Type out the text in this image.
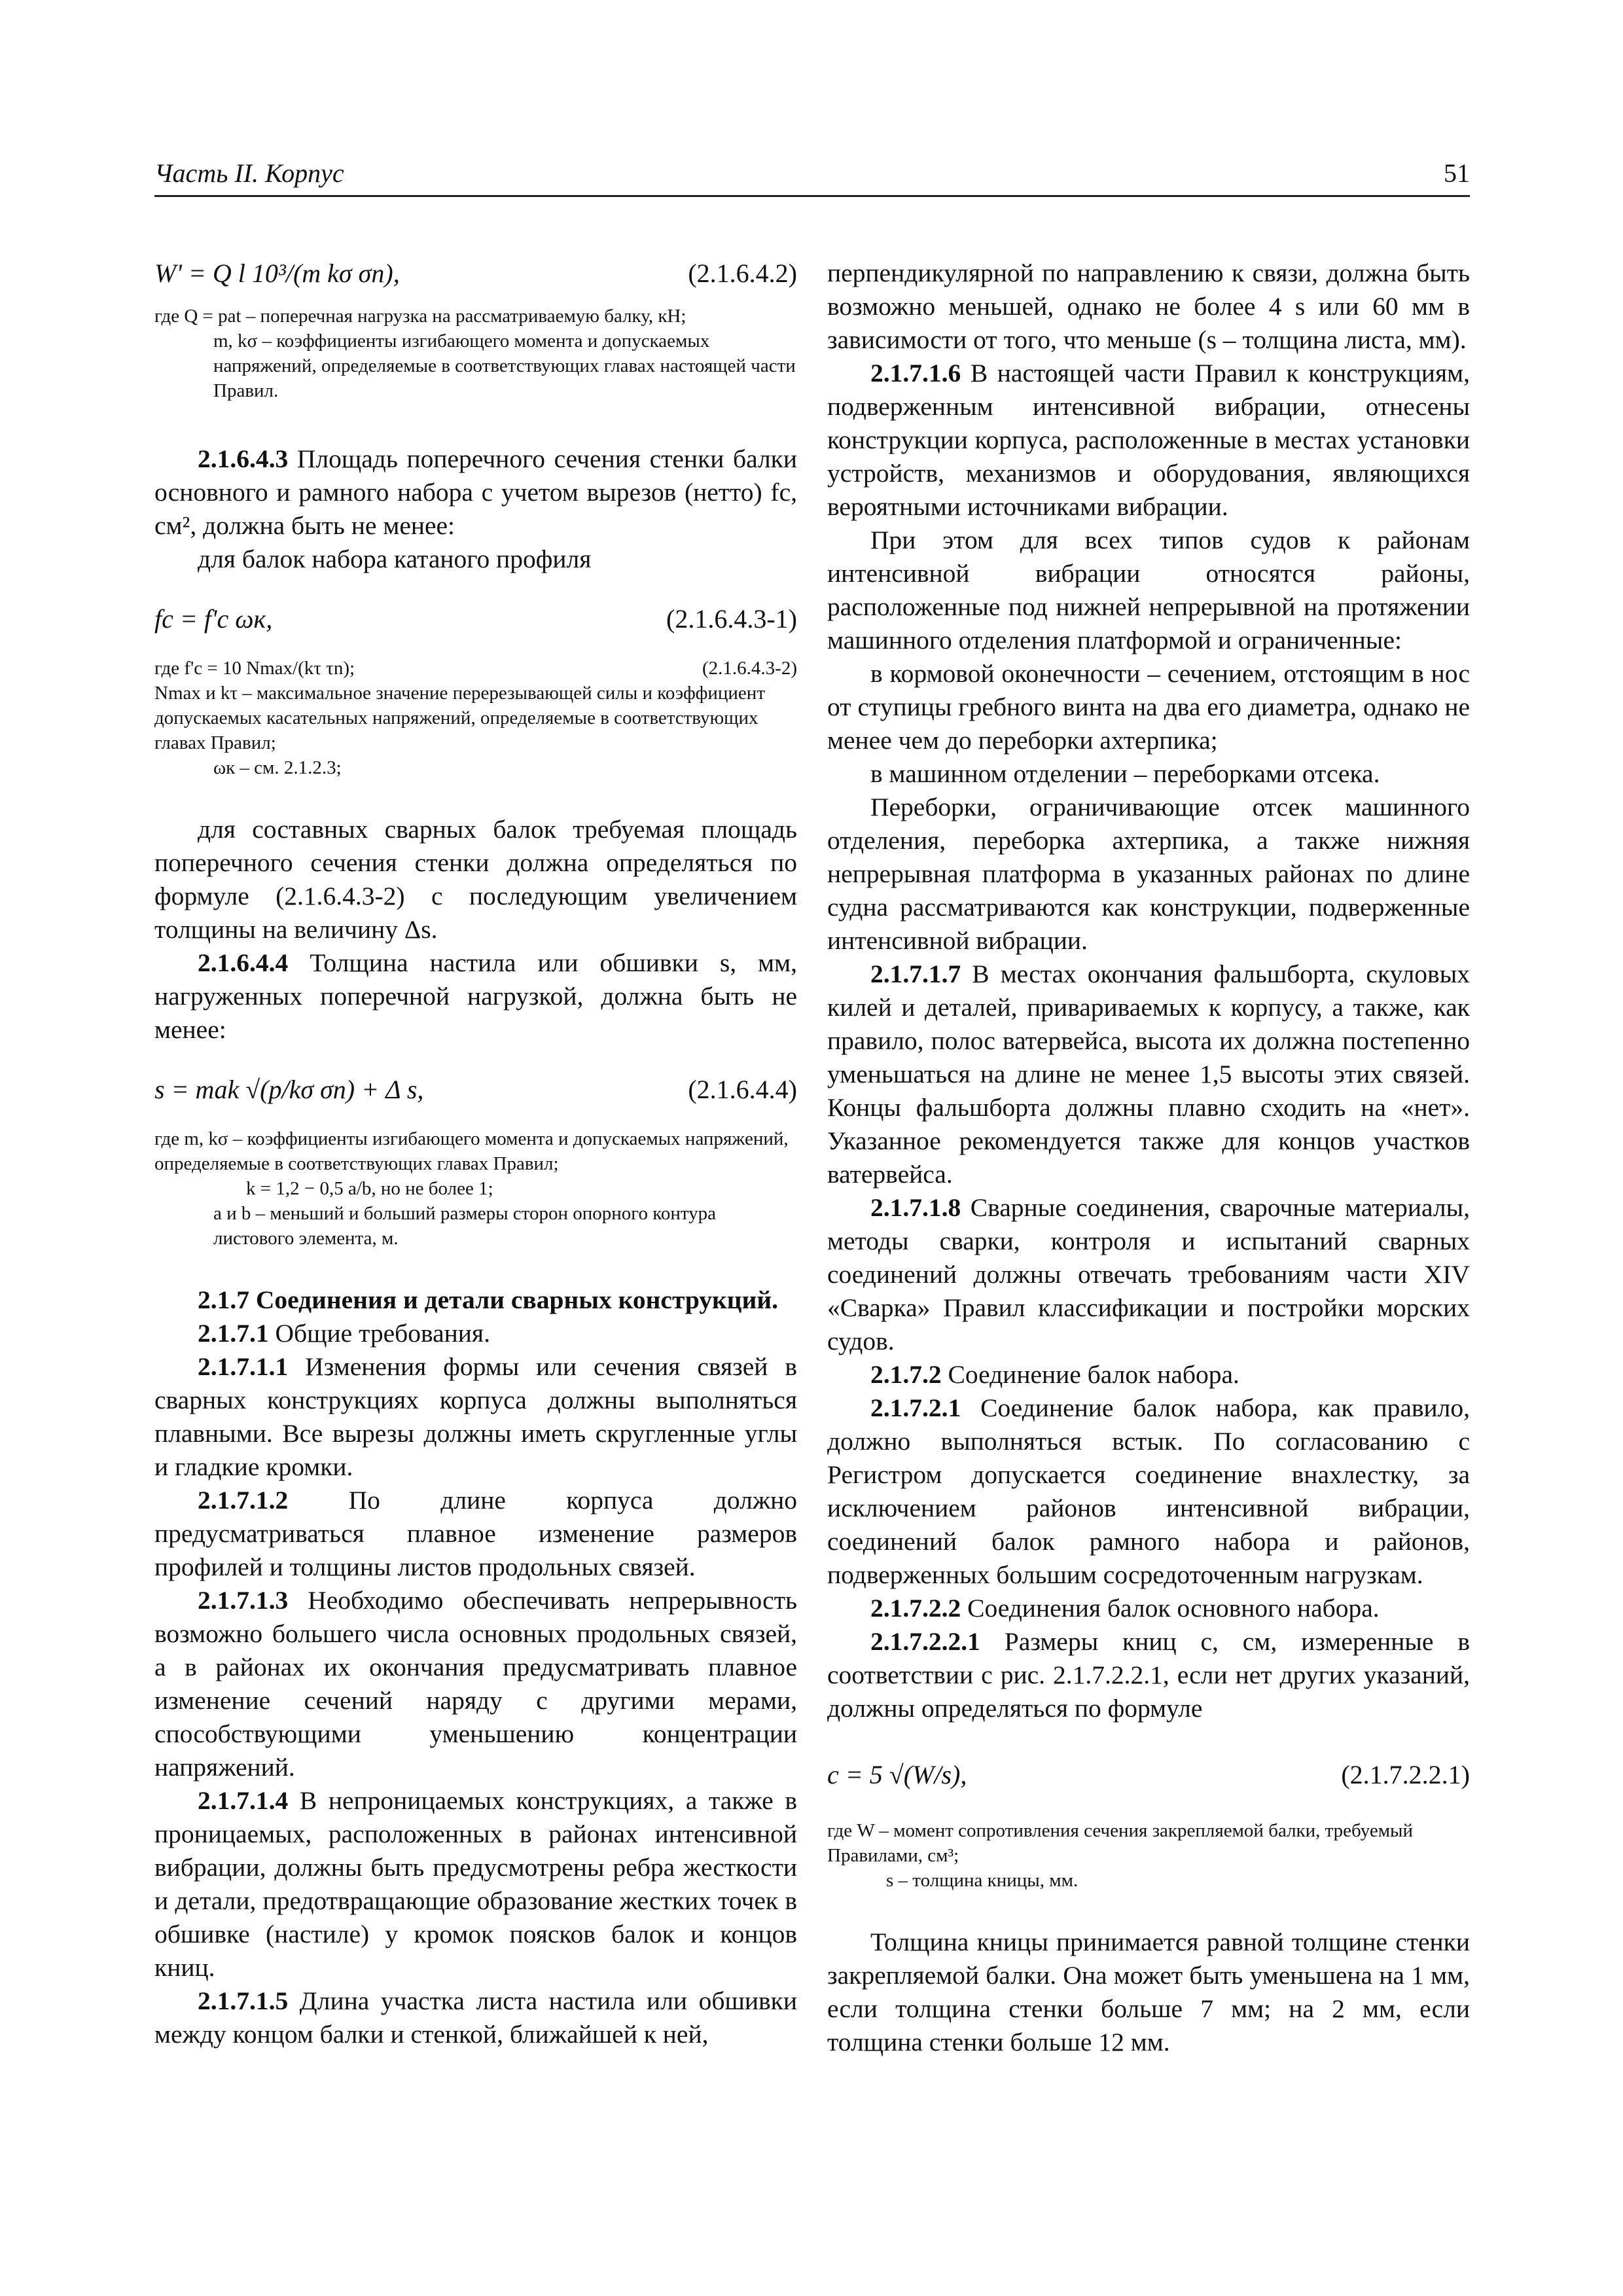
Часть II. Корпус	51
W' = Q l 10³/(m kσ σn),	(2.1.6.4.2)
где Q = pat – поперечная нагрузка на рассматриваемую балку, кН;
m, kσ – коэффициенты изгибающего момента и допускаемых напряжений, определяемые в соответствующих главах настоящей части Правил.

2.1.6.4.3 Площадь поперечного сечения стенки балки основного и рамного набора с учетом вырезов (нетто) fс, см², должна быть не менее:

для балок набора катаного профиля

fс = f'с ωк,	(2.1.6.4.3-1)
где f'с = 10 Nmax/(kτ τn);	(2.1.6.4.3-2)
Nmax и kτ – максимальное значение перерезывающей силы и коэффициент допускаемых касательных напряжений, определяемые в соответствующих главах Правил;
ωк – см. 2.1.2.3;

для составных сварных балок требуемая площадь поперечного сечения стенки должна определяться по формуле (2.1.6.4.3-2) с последующим увеличением толщины на величину Δs.

2.1.6.4.4 Толщина настила или обшивки s, мм, нагруженных поперечной нагрузкой, должна быть не менее:

s = mak √(p/kσ σn) + Δ s,	(2.1.6.4.4)
где m, kσ – коэффициенты изгибающего момента и допускаемых напряжений, определяемые в соответствующих главах Правил;
k = 1,2 − 0,5 a/b, но не более 1;
a и b – меньший и больший размеры сторон опорного контура листового элемента, м.

2.1.7 Соединения и детали сварных конструкций.

2.1.7.1 Общие требования.

2.1.7.1.1 Изменения формы или сечения связей в сварных конструкциях корпуса должны выполняться плавными. Все вырезы должны иметь скругленные углы и гладкие кромки.

2.1.7.1.2 По длине корпуса должно предусматриваться плавное изменение размеров профилей и толщины листов продольных связей.

2.1.7.1.3 Необходимо обеспечивать непрерывность возможно большего числа основных продольных связей, а в районах их окончания предусматривать плавное изменение сечений наряду с другими мерами, способствующими уменьшению концентрации напряжений.

2.1.7.1.4 В непроницаемых конструкциях, а также в проницаемых, расположенных в районах интенсивной вибрации, должны быть предусмотрены ребра жесткости и детали, предотвращающие образование жестких точек в обшивке (настиле) у кромок поясков балок и концов книц.

2.1.7.1.5 Длина участка листа настила или обшивки между концом балки и стенкой, ближайшей к ней,

перпендикулярной по направлению к связи, должна быть возможно меньшей, однако не более 4 s или 60 мм в зависимости от того, что меньше (s – толщина листа, мм).

2.1.7.1.6 В настоящей части Правил к конструкциям, подверженным интенсивной вибрации, отнесены конструкции корпуса, расположенные в местах установки устройств, механизмов и оборудования, являющихся вероятными источниками вибрации.

При этом для всех типов судов к районам интенсивной вибрации относятся районы, расположенные под нижней непрерывной на протяжении машинного отделения платформой и ограниченные:

в кормовой оконечности – сечением, отстоящим в нос от ступицы гребного винта на два его диаметра, однако не менее чем до переборки ахтерпика;

в машинном отделении – переборками отсека.

Переборки, ограничивающие отсек машинного отделения, переборка ахтерпика, а также нижняя непрерывная платформа в указанных районах по длине судна рассматриваются как конструкции, подверженные интенсивной вибрации.

2.1.7.1.7 В местах окончания фальшборта, скуловых килей и деталей, привариваемых к корпусу, а также, как правило, полос ватервейса, высота их должна постепенно уменьшаться на длине не менее 1,5 высоты этих связей. Концы фальшборта должны плавно сходить на «нет». Указанное рекомендуется также для концов участков ватервейса.

2.1.7.1.8 Сварные соединения, сварочные материалы, методы сварки, контроля и испытаний сварных соединений должны отвечать требованиям части XIV «Сварка» Правил классификации и постройки морских судов.

2.1.7.2 Соединение балок набора.

2.1.7.2.1 Соединение балок набора, как правило, должно выполняться встык. По согласованию с Регистром допускается соединение внахлестку, за исключением районов интенсивной вибрации, соединений балок рамного набора и районов, подверженных большим сосредоточенным нагрузкам.

2.1.7.2.2 Соединения балок основного набора.

2.1.7.2.2.1 Размеры книц c, см, измеренные в соответствии с рис. 2.1.7.2.2.1, если нет других указаний, должны определяться по формуле

c = 5 √(W/s),	(2.1.7.2.2.1)
где W – момент сопротивления сечения закрепляемой балки, требуемый Правилами, см³;
s – толщина кницы, мм.

Толщина кницы принимается равной толщине стенки закрепляемой балки. Она может быть уменьшена на 1 мм, если толщина стенки больше 7 мм; на 2 мм, если толщина стенки больше 12 мм.
